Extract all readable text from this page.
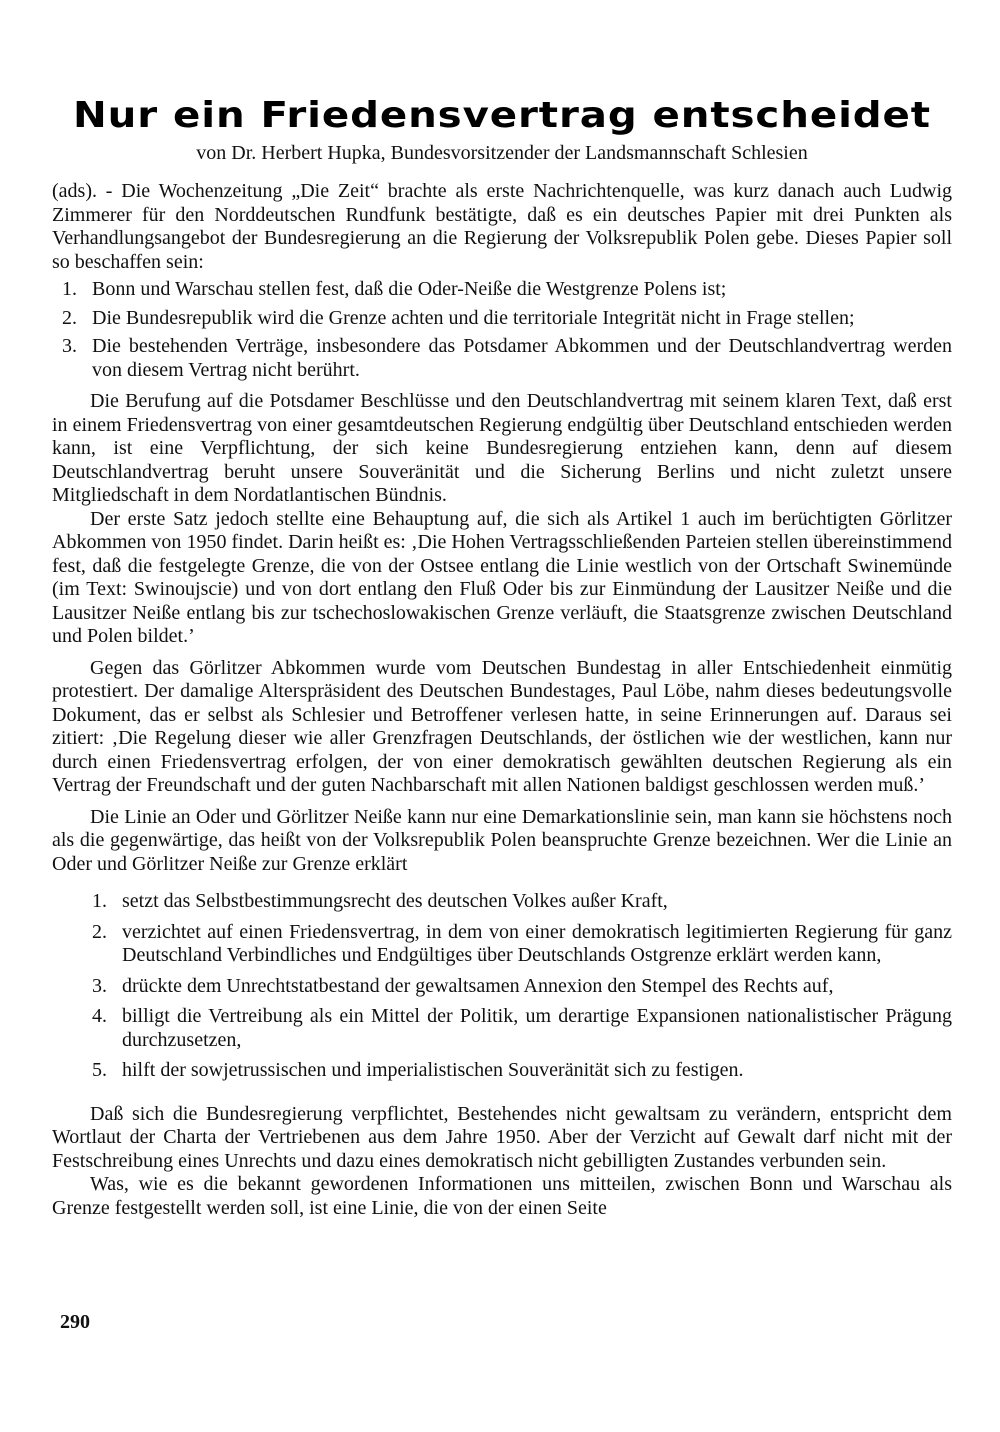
Nur ein Friedensvertrag entscheidet

von Dr. Herbert Hupka, Bundesvorsitzender der Landsmannschaft Schlesien

(ads). - Die Wochenzeitung „Die Zeit“ brachte als erste Nachrichtenquelle, was kurz danach auch Ludwig Zimmerer für den Norddeutschen Rundfunk bestätigte, daß es ein deutsches Papier mit drei Punkten als Verhandlungsangebot der Bundesregierung an die Regierung der Volksrepublik Polen gebe. Dieses Papier soll so beschaffen sein:

1. Bonn und Warschau stellen fest, daß die Oder-Neiße die Westgrenze Polens ist;
2. Die Bundesrepublik wird die Grenze achten und die territoriale Integrität nicht in Frage stellen;
3. Die bestehenden Verträge, insbesondere das Potsdamer Abkommen und der Deutschlandvertrag werden von diesem Vertrag nicht berührt.

Die Berufung auf die Potsdamer Beschlüsse und den Deutschlandvertrag mit seinem klaren Text, daß erst in einem Friedensvertrag von einer gesamtdeutschen Regierung endgültig über Deutschland entschieden werden kann, ist eine Verpflichtung, der sich keine Bundesregierung entziehen kann, denn auf diesem Deutschlandvertrag beruht unsere Souveränität und die Sicherung Berlins und nicht zuletzt unsere Mitgliedschaft in dem Nordatlantischen Bündnis.

Der erste Satz jedoch stellte eine Behauptung auf, die sich als Artikel 1 auch im berüchtigten Görlitzer Abkommen von 1950 findet. Darin heißt es: ‚Die Hohen Vertragsschließenden Parteien stellen übereinstimmend fest, daß die festgelegte Grenze, die von der Ostsee entlang die Linie westlich von der Ortschaft Swinemünde (im Text: Swinoujscie) und von dort entlang den Fluß Oder bis zur Einmündung der Lausitzer Neiße und die Lausitzer Neiße entlang bis zur tschechoslowakischen Grenze verläuft, die Staatsgrenze zwischen Deutschland und Polen bildet.’

Gegen das Görlitzer Abkommen wurde vom Deutschen Bundestag in aller Entschiedenheit einmütig protestiert. Der damalige Alterspräsident des Deutschen Bundestages, Paul Löbe, nahm dieses bedeutungsvolle Dokument, das er selbst als Schlesier und Betroffener verlesen hatte, in seine Erinnerungen auf. Daraus sei zitiert: ‚Die Regelung dieser wie aller Grenzfragen Deutschlands, der östlichen wie der westlichen, kann nur durch einen Friedensvertrag erfolgen, der von einer demokratisch gewählten deutschen Regierung als ein Vertrag der Freundschaft und der guten Nachbarschaft mit allen Nationen baldigst geschlossen werden muß.’

Die Linie an Oder und Görlitzer Neiße kann nur eine Demarkationslinie sein, man kann sie höchstens noch als die gegenwärtige, das heißt von der Volksrepublik Polen beanspruchte Grenze bezeichnen. Wer die Linie an Oder und Görlitzer Neiße zur Grenze erklärt

1. setzt das Selbstbestimmungsrecht des deutschen Volkes außer Kraft,
2. verzichtet auf einen Friedensvertrag, in dem von einer demokratisch legitimierten Regierung für ganz Deutschland Verbindliches und Endgültiges über Deutschlands Ostgrenze erklärt werden kann,
3. drückte dem Unrechtstatbestand der gewaltsamen Annexion den Stempel des Rechts auf,
4. billigt die Vertreibung als ein Mittel der Politik, um derartige Expansionen nationalistischer Prägung durchzusetzen,
5. hilft der sowjetrussischen und imperialistischen Souveränität sich zu festigen.

Daß sich die Bundesregierung verpflichtet, Bestehendes nicht gewaltsam zu verändern, entspricht dem Wortlaut der Charta der Vertriebenen aus dem Jahre 1950. Aber der Verzicht auf Gewalt darf nicht mit der Festschreibung eines Unrechts und dazu eines demokratisch nicht gebilligten Zustandes verbunden sein.

Was, wie es die bekannt gewordenen Informationen uns mitteilen, zwischen Bonn und Warschau als Grenze festgestellt werden soll, ist eine Linie, die von der einen Seite

290
